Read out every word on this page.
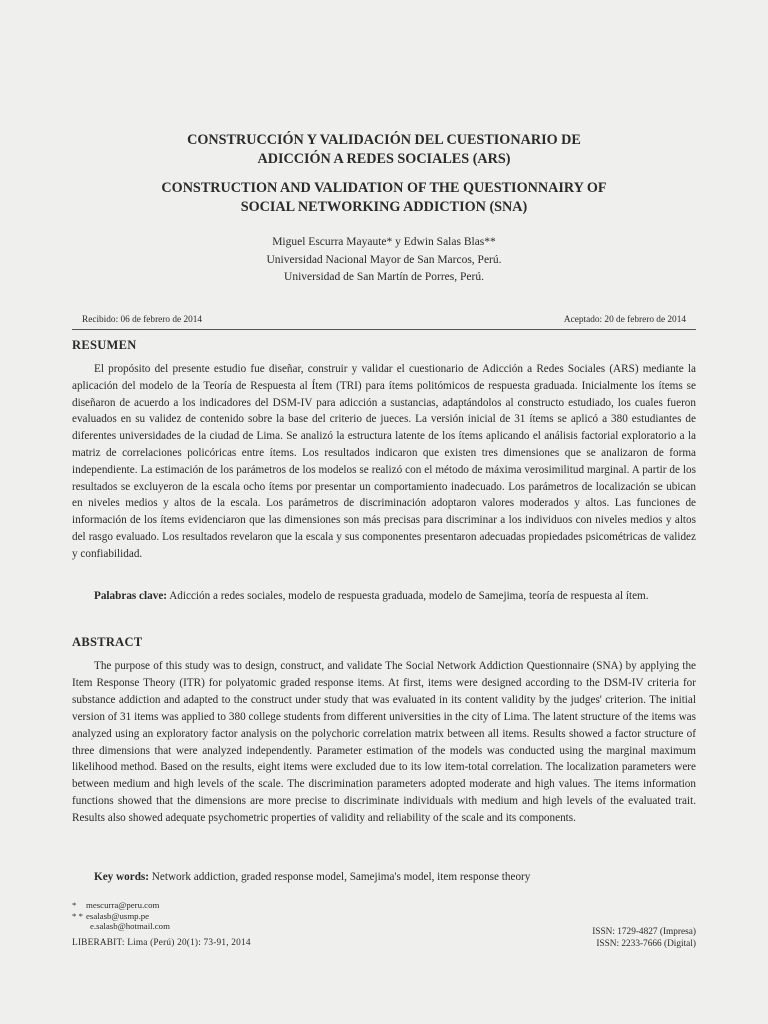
CONSTRUCCIÓN Y VALIDACIÓN DEL CUESTIONARIO DE
ADICCIÓN A REDES SOCIALES (ARS)
CONSTRUCTION AND VALIDATION OF THE QUESTIONNAIRY OF
SOCIAL NETWORKING ADDICTION (SNA)
Miguel Escurra Mayaute* y Edwin Salas Blas**
Universidad Nacional Mayor de San Marcos, Perú.
Universidad de San Martín de Porres, Perú.
Recibido: 06 de febrero de 2014	Aceptado: 20 de febrero de 2014
RESUMEN

El propósito del presente estudio fue diseñar, construir y validar el cuestionario de Adicción a Redes Sociales (ARS) mediante la aplicación del modelo de la Teoría de Respuesta al Ítem (TRI) para ítems politómicos de respuesta graduada. Inicialmente los ítems se diseñaron de acuerdo a los indicadores del DSM-IV para adicción a sustancias, adaptándolos al constructo estudiado, los cuales fueron evaluados en su validez de contenido sobre la base del criterio de jueces. La versión inicial de 31 ítems se aplicó a 380 estudiantes de diferentes universidades de la ciudad de Lima. Se analizó la estructura latente de los ítems aplicando el análisis factorial exploratorio a la matriz de correlaciones policóricas entre ítems. Los resultados indicaron que existen tres dimensiones que se analizaron de forma independiente. La estimación de los parámetros de los modelos se realizó con el método de máxima verosimilitud marginal. A partir de los resultados se excluyeron de la escala ocho ítems por presentar un comportamiento inadecuado. Los parámetros de localización se ubican en niveles medios y altos de la escala. Los parámetros de discriminación adoptaron valores moderados y altos. Las funciones de información de los ítems evidenciaron que las dimensiones son más precisas para discriminar a los individuos con niveles medios y altos del rasgo evaluado. Los resultados revelaron que la escala y sus componentes presentaron adecuadas propiedades psicométricas de validez y confiabilidad.

Palabras clave: Adicción a redes sociales, modelo de respuesta graduada, modelo de Samejima, teoría de respuesta al ítem.

ABSTRACT

The purpose of this study was to design, construct, and validate The Social Network Addiction Questionnaire (SNA) by applying the Item Response Theory (ITR) for polyatomic graded response items. At first, items were designed according to the DSM-IV criteria for substance addiction and adapted to the construct under study that was evaluated in its content validity by the judges' criterion. The initial version of 31 items was applied to 380 college students from different universities in the city of Lima. The latent structure of the items was analyzed using an exploratory factor analysis on the polychoric correlation matrix between all items. Results showed a factor structure of three dimensions that were analyzed independently. Parameter estimation of the models was conducted using the marginal maximum likelihood method. Based on the results, eight items were excluded due to its low item-total correlation. The localization parameters were between medium and high levels of the scale. The discrimination parameters adopted moderate and high values. The items information functions showed that the dimensions are more precise to discriminate individuals with medium and high levels of the evaluated trait. Results also showed adequate psychometric properties of validity and reliability of the scale and its components.

Key words: Network addiction, graded response model, Samejima's model, item response theory

* mescurra@peru.com
* * esalasb@usmp.pe
e.salasb@hotmail.com
LIBERABIT: Lima (Perú) 20(1): 73-91, 2014
ISSN: 1729-4827 (Impresa)
ISSN: 2233-7666 (Digital)
